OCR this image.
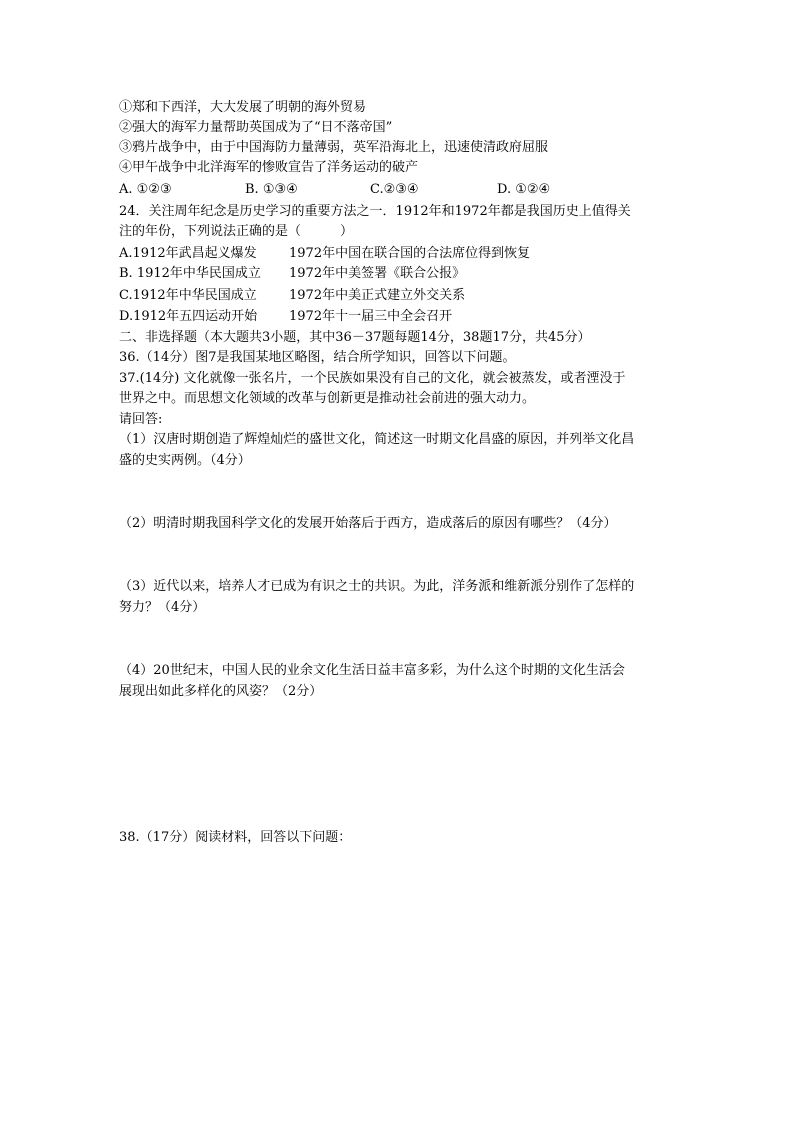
①郑和下西洋，大大发展了明朝的海外贸易
②强大的海军力量帮助英国成为了“日不落帝国”
③鸦片战争中，由于中国海防力量薄弱，英军沿海北上，迅速使清政府屈服
④甲午战争中北洋海军的惨败宣告了洋务运动的破产
A. ①②③	B. ①③④	C.②③④	D. ①②④
24．关注周年纪念是历史学习的重要方法之一．1912年和1972年都是我国历史上值得关
注的年份，下列说法正确的是（　　　）
A.1912年武昌起义爆发 1972年中国在联合国的合法席位得到恢复
B. 1912年中华民国成立 1972年中美签署《联合公报》
C.1912年中华民国成立 1972年中美正式建立外交关系
D.1912年五四运动开始 1972年十一届三中全会召开
二、非选择题（本大题共3小题，其中36－37题每题14分，38题17分，共45分）
36.（14分）图7是我国某地区略图，结合所学知识，回答以下问题。
37.(14分) 文化就像一张名片，一个民族如果没有自己的文化，就会被蒸发，或者湮没于
世界之中。而思想文化领域的改革与创新更是推动社会前进的强大动力。
请回答:
（1）汉唐时期创造了辉煌灿烂的盛世文化，简述这一时期文化昌盛的原因，并列举文化昌
盛的史实两例。（4分）
（2）明清时期我国科学文化的发展开始落后于西方，造成落后的原因有哪些？（4分）
（3）近代以来，培养人才已成为有识之士的共识。为此，洋务派和维新派分别作了怎样的
努力？（4分）
（4）20世纪末，中国人民的业余文化生活日益丰富多彩，为什么这个时期的文化生活会
展现出如此多样化的风姿？（2分）
38.（17分）阅读材料，回答以下问题：
